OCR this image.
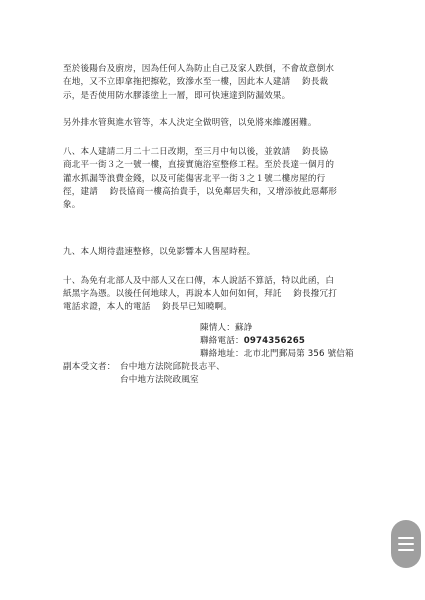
至於後陽台及廚房，因為任何人為防止自己及家人跌倒，不會故意倒水
在地，又不立即拿拖把擦乾，致滲水至一樓，因此本人建請　 鈞長裁
示，是否使用防水膠漆塗上一層，即可快速達到防漏效果。
另外排水管與進水管等，本人決定全做明管，以免將來維護困難。
八、本人建請二月二十二日改期，至三月中旬以後，並敦請　 鈞長協
商北平一街３之一號一樓，直接實施浴室整修工程。至於長達一個月的
灌水抓漏等浪費金錢，以及可能傷害北平一街３之１號二樓房屋的行
徑，建請　 鈞長協商一樓高抬貴手，以免鄰居失和，又增添彼此惡鄰形
象。
九、本人期待盡速整修，以免影響本人售屋時程。
十、為免有北部人及中部人又在口傳，本人說話不算話，特以此函，白
紙黑字為憑。以後任何地球人，再說本人如何如何，拜託　 鈞長撥冗打
電話求證，本人的電話　 鈞長早已知曉啊。
陳情人：蘇諍
聯絡電話：0974356265
聯絡地址：北市北門郵局第 356 號信箱
副本受文者： 台中地方法院邱院長志平、
台中地方法院政風室
